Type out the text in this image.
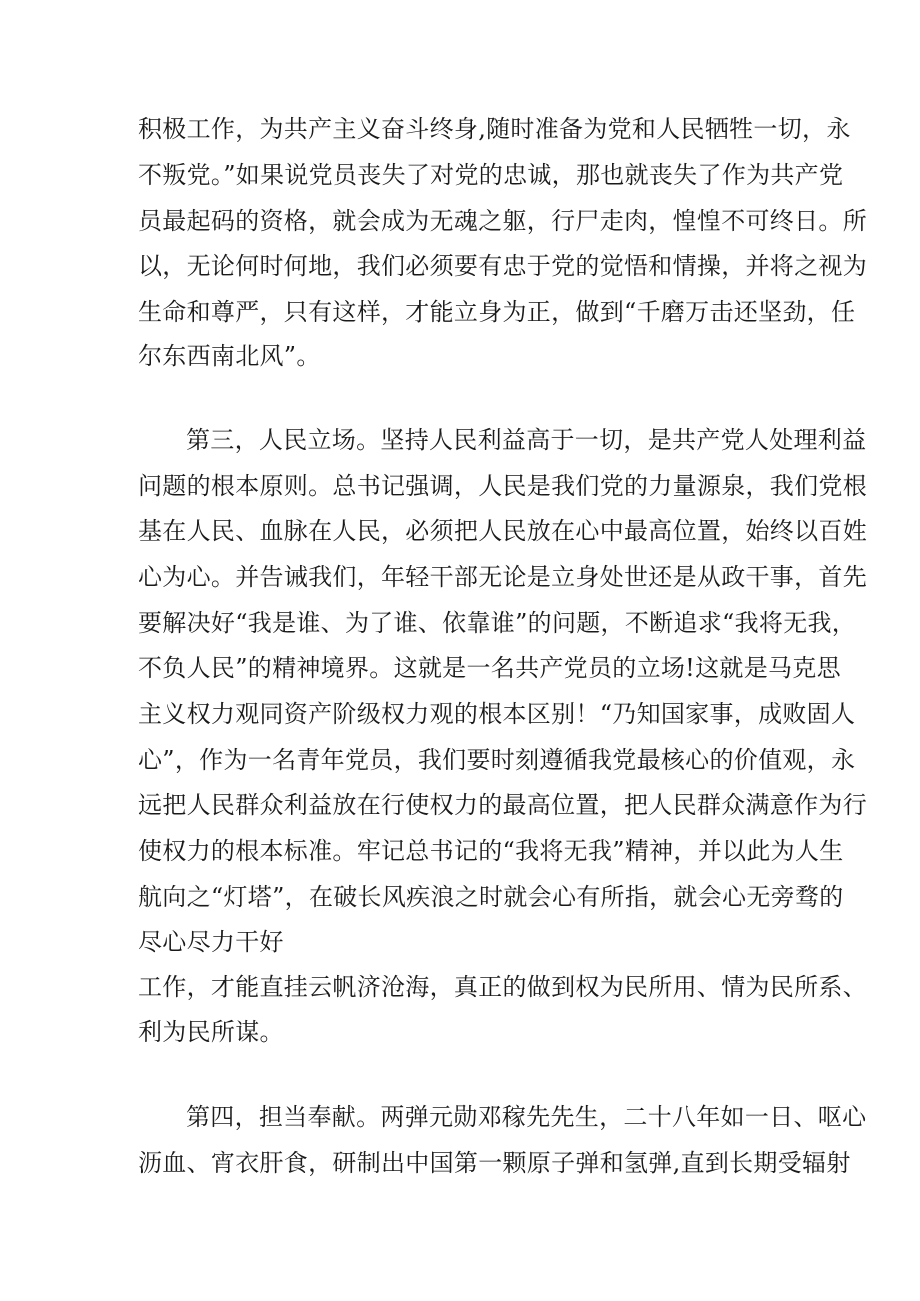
积极工作，为共产主义奋斗终身,随时准备为党和人民牺牲一切，永
不叛党。”如果说党员丧失了对党的忠诚，那也就丧失了作为共产党
员最起码的资格，就会成为无魂之躯，行尸走肉，惶惶不可终日。所
以，无论何时何地，我们必须要有忠于党的觉悟和情操，并将之视为
生命和尊严，只有这样，才能立身为正，做到“千磨万击还坚劲，任
尔东西南北风”。
第三，人民立场。坚持人民利益高于一切，是共产党人处理利益
问题的根本原则。总书记强调，人民是我们党的力量源泉，我们党根
基在人民、血脉在人民，必须把人民放在心中最高位置，始终以百姓
心为心。并告诫我们，年轻干部无论是立身处世还是从政干事，首先
要解决好“我是谁、为了谁、依靠谁”的问题，不断追求“我将无我，
不负人民”的精神境界。这就是一名共产党员的立场!这就是马克思
主义权力观同资产阶级权力观的根本区别！“乃知国家事，成败固人
心”，作为一名青年党员，我们要时刻遵循我党最核心的价值观，永
远把人民群众利益放在行使权力的最高位置，把人民群众满意作为行
使权力的根本标准。牢记总书记的“我将无我”精神，并以此为人生
航向之“灯塔”，在破长风疾浪之时就会心有所指，就会心无旁骛的
尽心尽力干好
工作，才能直挂云帆济沧海，真正的做到权为民所用、情为民所系、
利为民所谋。
第四，担当奉献。两弹元勋邓稼先先生，二十八年如一日、呕心
沥血、宵衣肝食，研制出中国第一颗原子弹和氢弹,直到长期受辐射
